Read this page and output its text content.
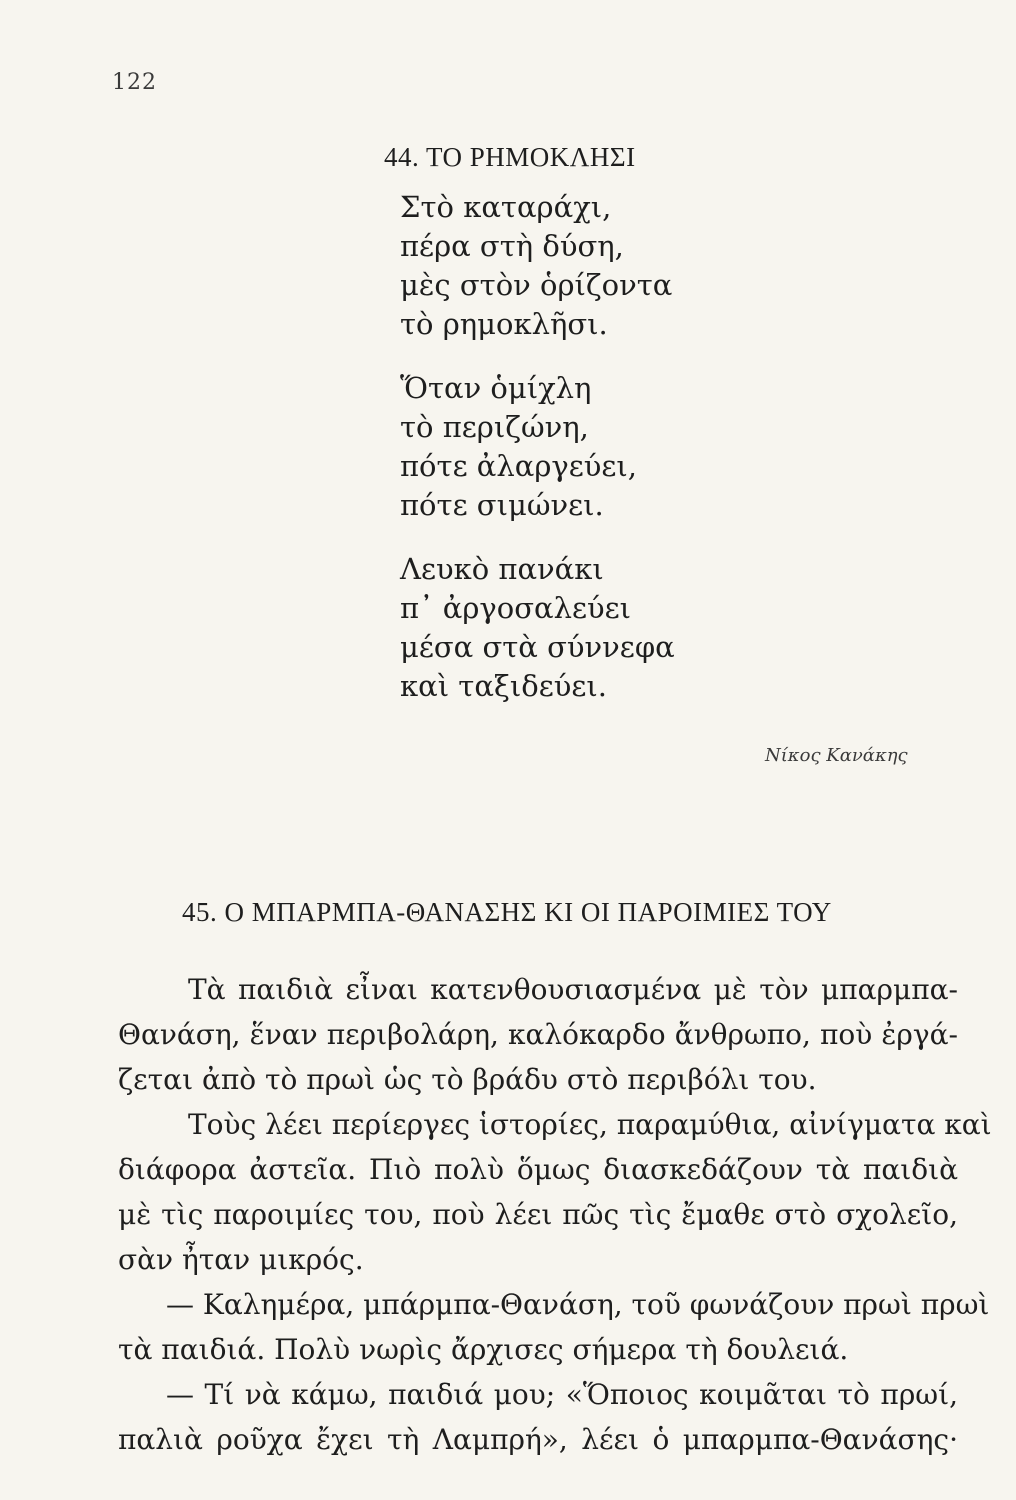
122
44. ΤΟ ΡΗΜΟΚΛΗΣΙ
Στὸ καταράχι,
πέρα στὴ δύση,
μὲς στὸν ὁρίζοντα
τὸ ρημοκλῆσι.
Ὅταν ὁμίχλη
τὸ περιζώνη,
πότε ἀλαργεύει,
πότε σιμώνει.
Λευκὸ πανάκι
π᾽ ἀργοσαλεύει
μέσα στὰ σύννεφα
καὶ ταξιδεύει.
Νίκος Κανάκης
45. Ο ΜΠΑΡΜΠΑ-ΘΑΝΑΣΗΣ ΚΙ ΟΙ ΠΑΡΟΙΜΙΕΣ ΤΟΥ
Τὰ παιδιὰ εἶναι κατενθουσιασμένα μὲ τὸν μπαρμπα-
Θανάση, ἕναν περιβολάρη, καλόκαρδο ἄνθρωπο, ποὺ ἐργά-
ζεται ἀπὸ τὸ πρωὶ ὡς τὸ βράδυ στὸ περιβόλι του.
Τοὺς λέει περίεργες ἱστορίες, παραμύθια, αἰνίγματα καὶ
διάφορα ἀστεῖα. Πιὸ πολὺ ὅμως διασκεδάζουν τὰ παιδιὰ
μὲ τὶς παροιμίες του, ποὺ λέει πῶς τὶς ἔμαθε στὸ σχολεῖο,
σὰν ἦταν μικρός.
— Καλημέρα, μπάρμπα-Θανάση, τοῦ φωνάζουν πρωὶ πρωὶ
τὰ παιδιά. Πολὺ νωρὶς ἄρχισες σήμερα τὴ δουλειά.
— Τί νὰ κάμω, παιδιά μου; «Ὅποιος κοιμᾶται τὸ πρωί,
παλιὰ ροῦχα ἔχει τὴ Λαμπρή», λέει ὁ μπαρμπα-Θανάσης·
